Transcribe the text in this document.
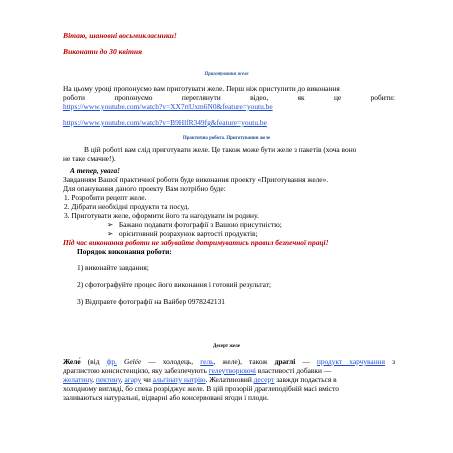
Вітаю, шановні восьмикласники!
Виконати до 30 квітня
Приготування желе
На цьому уроці пропонуємо вам приготувати желе. Перш ніж приступити до виконання
роботи	пропонуємо	переглянути	відео,	як	це	робити:
https://www.youtube.com/watch?v=XX7rtUxm6N0&feature=youtu.be
https://www.youtube.com/watch?v=B9HlfR349fg&feature=youtu.be
Практична робота. Приготування желе
В цій роботі вам слід приготувати желе. Це також може бути желе з пакетів (хоча воно
не таке смачне!).
А тепер, увага!
Завданням Вашої практичної роботи буде виконання проекту «Приготування желе».
Для опанування даного проекту Вам потрібно буде:
1. Розробити рецепт желе.
2. Дібрати необхідні продукти та посуд.
3. Приготувати желе, оформити його та нагодувати ім родину.
➢ Бажано подавати фотографії з Вашою присутністю;
➢ орієнтовний розрахунок вартості продуктів;
Під час виконання роботи не забувайте дотримуватись правил безпечної праці!
Порядок виконання роботи:
1) виконайте завдання;
2) сфотографуйте процес його виконання і готовий результат;
3) Відправте фотографії на Вайбер 0978242131
Десерт желе
Желе́ (від фр. Gelée — холодець, гель, желе), також драглі — продукт харчування з
драглистою консистенцією, яку забезпечують гелеутворюючі властивості добавки —
желатину, пектину, агару чи альгінату натрію. Желатиновий десерт завжди подається в
холодному вигляді, бо спека розріджує желе. В цій прозорій драглеподібній масі вмісто
заливаються натуральні, відварні або консервовані ягоди і плоди.
